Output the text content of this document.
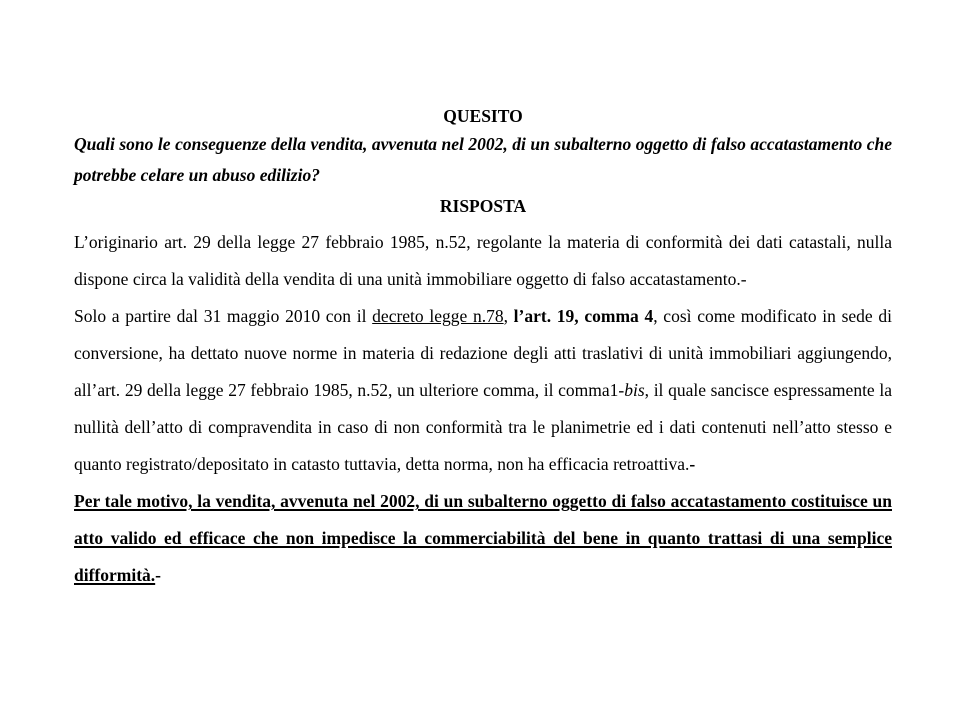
QUESITO

Quali sono le conseguenze della vendita, avvenuta nel 2002, di un subalterno oggetto di falso accatastamento che potrebbe celare un abuso edilizio?

RISPOSTA

L’originario art. 29 della legge 27 febbraio 1985, n.52, regolante la materia di conformità dei dati catastali, nulla dispone circa la validità della vendita di una unità immobiliare oggetto di falso accatastamento.-

Solo a partire dal 31 maggio 2010 con il decreto legge n.78, l’art. 19, comma 4, così come modificato in sede di conversione, ha dettato nuove norme in materia di redazione degli atti traslativi di unità immobiliari aggiungendo, all’art. 29 della legge 27 febbraio 1985, n.52, un ulteriore comma, il comma1-bis, il quale sancisce espressamente la nullità dell’atto di compravendita in caso di non conformità tra le planimetrie ed i dati contenuti nell’atto stesso e quanto registrato/depositato in catasto tuttavia, detta norma, non ha efficacia retroattiva.-

Per tale motivo, la vendita, avvenuta nel 2002, di un subalterno oggetto di falso accatastamento costituisce un atto valido ed efficace che non impedisce la commerciabilità del bene in quanto trattasi di una semplice difformità.-
